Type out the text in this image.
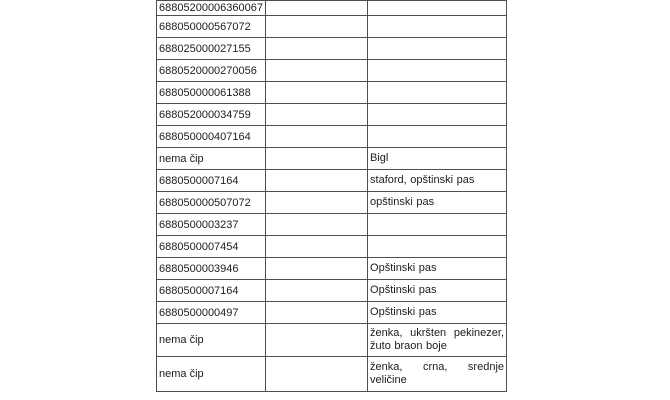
68805200006360067		
688050000567072		
688025000027155		
6880520000270056		
688050000061388		
688052000034759		
688050000407164		
nema čip		Bigl
6880500007164		staford, opštinski pas
688050000507072		opštinski pas
6880500003237		
6880500007454		
6880500003946		Opštinski pas
6880500007164		Opštinski pas
6880500000497		Opštinski pas
nema čip		ženka, ukršten pekinezer, žuto braon boje
nema čip		ženka, crna, srednje veličine
